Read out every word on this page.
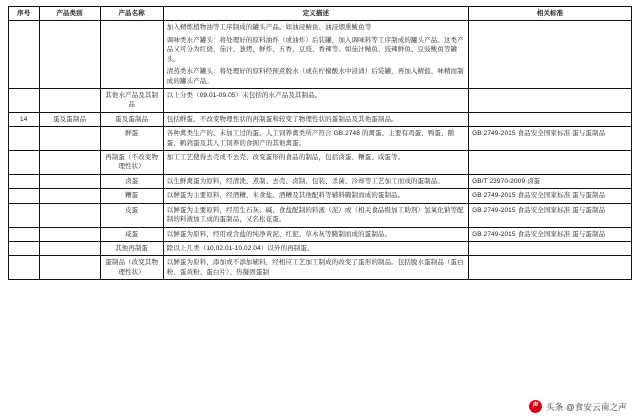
序号	产品类别	产品名称	定义描述	相关标准

			加入精炼植物油等工序制成的罐头产品。如油浸鲭鱼、油浸烟熏鲅鱼等

调味类水产罐头：将处理好的原料油炸（或油炸）后装罐，加入调味料等工序制成的罐头产品。这类产品又可分为红烧、茄汁、葱烤、鲜炸、五香、豆豉、香辣等。如茄汁鲭鱼、豉辣鲜鱼、豆豉鲅鱼等罐头。

清蒸类水产罐头：将处理好的原料经预煮脱水（或在柠檬酸水中浸渍）后装罐，再加入精盐、味精而制成的罐头产品。	

		其他水产品及其制品	以上分类（09.01-09.05）未包括的水产品及其制品。	

14	蛋及蛋制品	蛋及蛋制品	包括鲜蛋、不改变物理性状的再制蛋和较变了物理性状的蛋制品及其他蛋制品。	

		鲜蛋	各种禽类生产的、未加工过的蛋。人工饲养禽类所产符合 GB 2748 的禽蛋。主要有鸡蛋、鸭蛋、鹅蛋、鹌鹑蛋及其人工饲养的食拥产的其他禽蛋。	GB 2749-2015 食品安全国家标准 蛋与蛋制品
		再制蛋（不改变物理性状）	加工工艺使得去壳或不去壳、改变蛋形的食品的制品，包括卤蛋、糟蛋、咸蛋等。	

		卤蛋	以生鲜禽蛋为原料，经清洗、煮制、去壳、卤制、包装、杀菌、冷却等工艺加工而成的蛋制品。	GB/T 23970-2009 卤蛋
		糟蛋	以鲜蛋为主要原料，经酒糟、米食盐、酒糟及其他配料等辅料腌制而成的蛋制品。	GB 2749-2015 食品安全国家标准 蛋与蛋制品
		皮蛋	以鲜蛋为主要原料，经用生石灰、碱、食盐配制的料液（泥）或（相关食品级加工助剂）氢氧化钠等配制的料液加工成的蛋制品，又名松花蛋。	GB 2749-2015 食品安全国家标准 蛋与蛋制品
		咸蛋	以鲜蛋为原料，经用或含盐的纯净黄泥、红泥、草木灰等腌制而成的蛋制品。	GB 2749-2015 食品安全国家标准 蛋与蛋制品
		其他再制蛋	除以上几类（10.02.01-10.02.04）以外的再制蛋。	

		蛋制品（改变其物理性状）	以鲜蛋为原料，添加或不添加辅料，经相应工艺加工制成的改变了蛋形的制品。包括脱水蛋制品（蛋白粉、蛋黄粉、蛋白片）、热凝固蛋制	

声 头条 @食安云南之声
